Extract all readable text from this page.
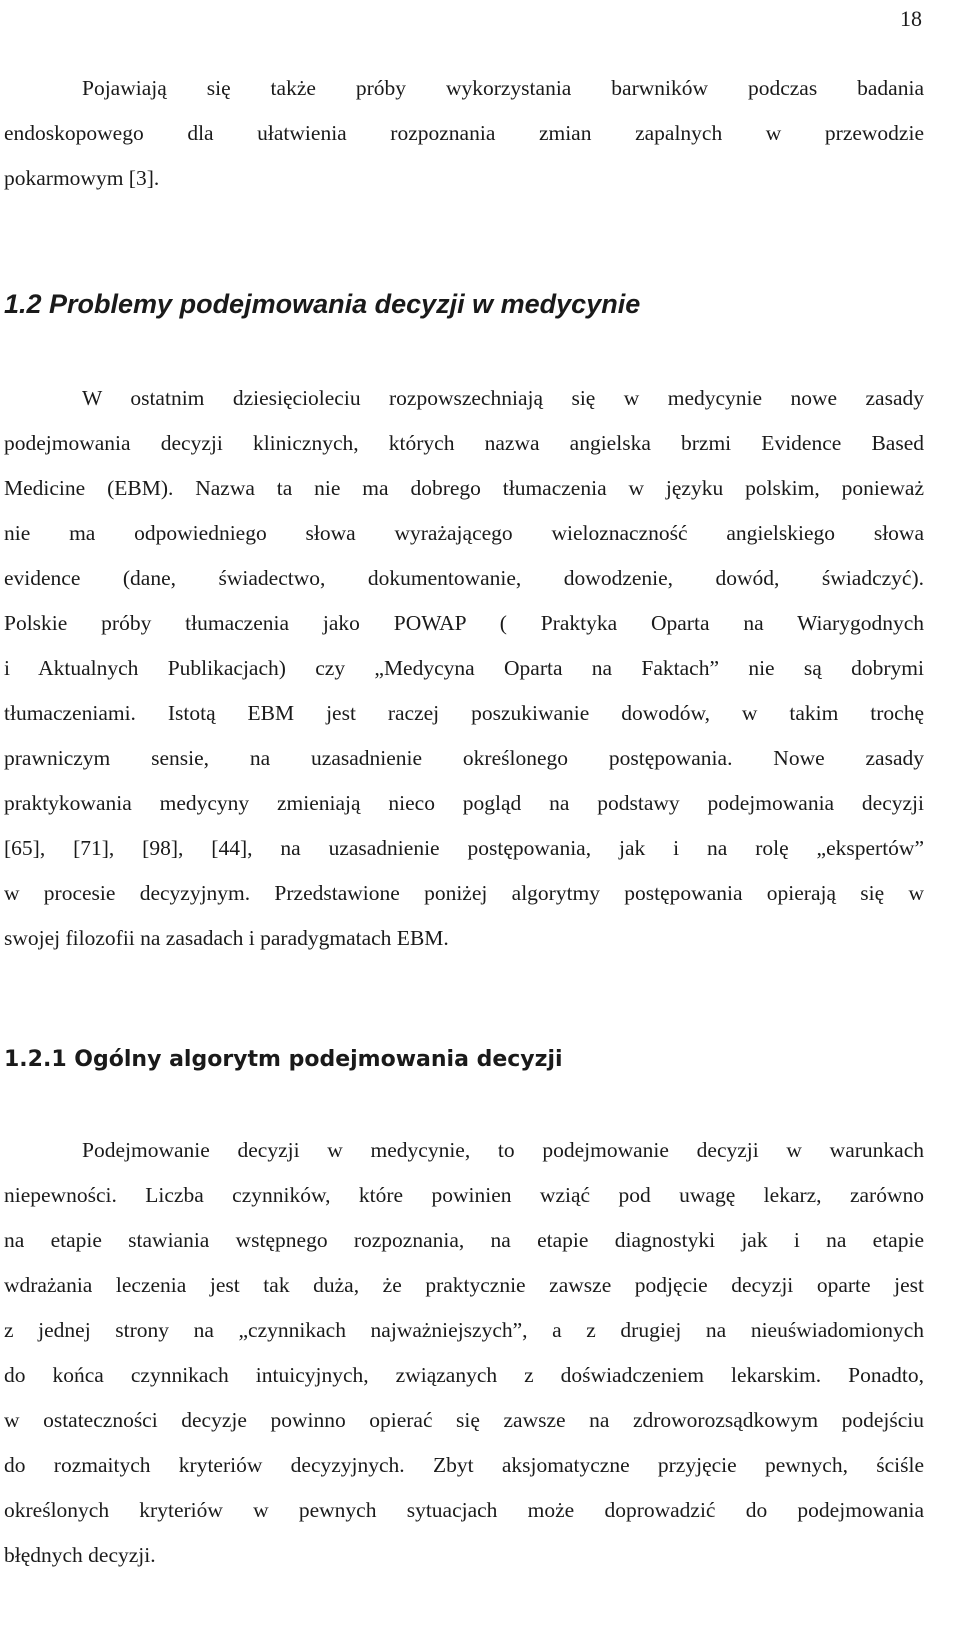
18
Pojawiają się także próby wykorzystania barwników podczas badania
endoskopowego dla ułatwienia rozpoznania zmian zapalnych w przewodzie
pokarmowym [3].
1.2 Problemy podejmowania decyzji w medycynie
W ostatnim dziesięcioleciu rozpowszechniają się w medycynie nowe zasady
podejmowania decyzji klinicznych, których nazwa angielska brzmi Evidence Based
Medicine (EBM). Nazwa ta nie ma dobrego tłumaczenia w języku polskim, ponieważ
nie ma odpowiedniego słowa wyrażającego wieloznaczność angielskiego słowa
evidence (dane, świadectwo, dokumentowanie, dowodzenie, dowód, świadczyć).
Polskie próby tłumaczenia jako POWAP ( Praktyka Oparta na Wiarygodnych
i Aktualnych Publikacjach) czy „Medycyna Oparta na Faktach” nie są dobrymi
tłumaczeniami. Istotą EBM jest raczej poszukiwanie dowodów, w takim trochę
prawniczym sensie, na uzasadnienie określonego postępowania. Nowe zasady
praktykowania medycyny zmieniają nieco pogląd na podstawy podejmowania decyzji
[65], [71], [98], [44], na uzasadnienie postępowania, jak i na rolę „ekspertów”
w procesie decyzyjnym. Przedstawione poniżej algorytmy postępowania opierają się w
swojej filozofii na zasadach i paradygmatach EBM.
1.2.1 Ogólny algorytm podejmowania decyzji
Podejmowanie decyzji w medycynie, to podejmowanie decyzji w warunkach
niepewności. Liczba czynników, które powinien wziąć pod uwagę lekarz, zarówno
na etapie stawiania wstępnego rozpoznania, na etapie diagnostyki jak i na etapie
wdrażania leczenia jest tak duża, że praktycznie zawsze podjęcie decyzji oparte jest
z jednej strony na „czynnikach najważniejszych”, a z drugiej na nieuświadomionych
do końca czynnikach intuicyjnych, związanych z doświadczeniem lekarskim. Ponadto,
w ostateczności decyzje powinno opierać się zawsze na zdroworozsądkowym podejściu
do rozmaitych kryteriów decyzyjnych. Zbyt aksjomatyczne przyjęcie pewnych, ściśle
określonych kryteriów w pewnych sytuacjach może doprowadzić do podejmowania
błędnych decyzji.
